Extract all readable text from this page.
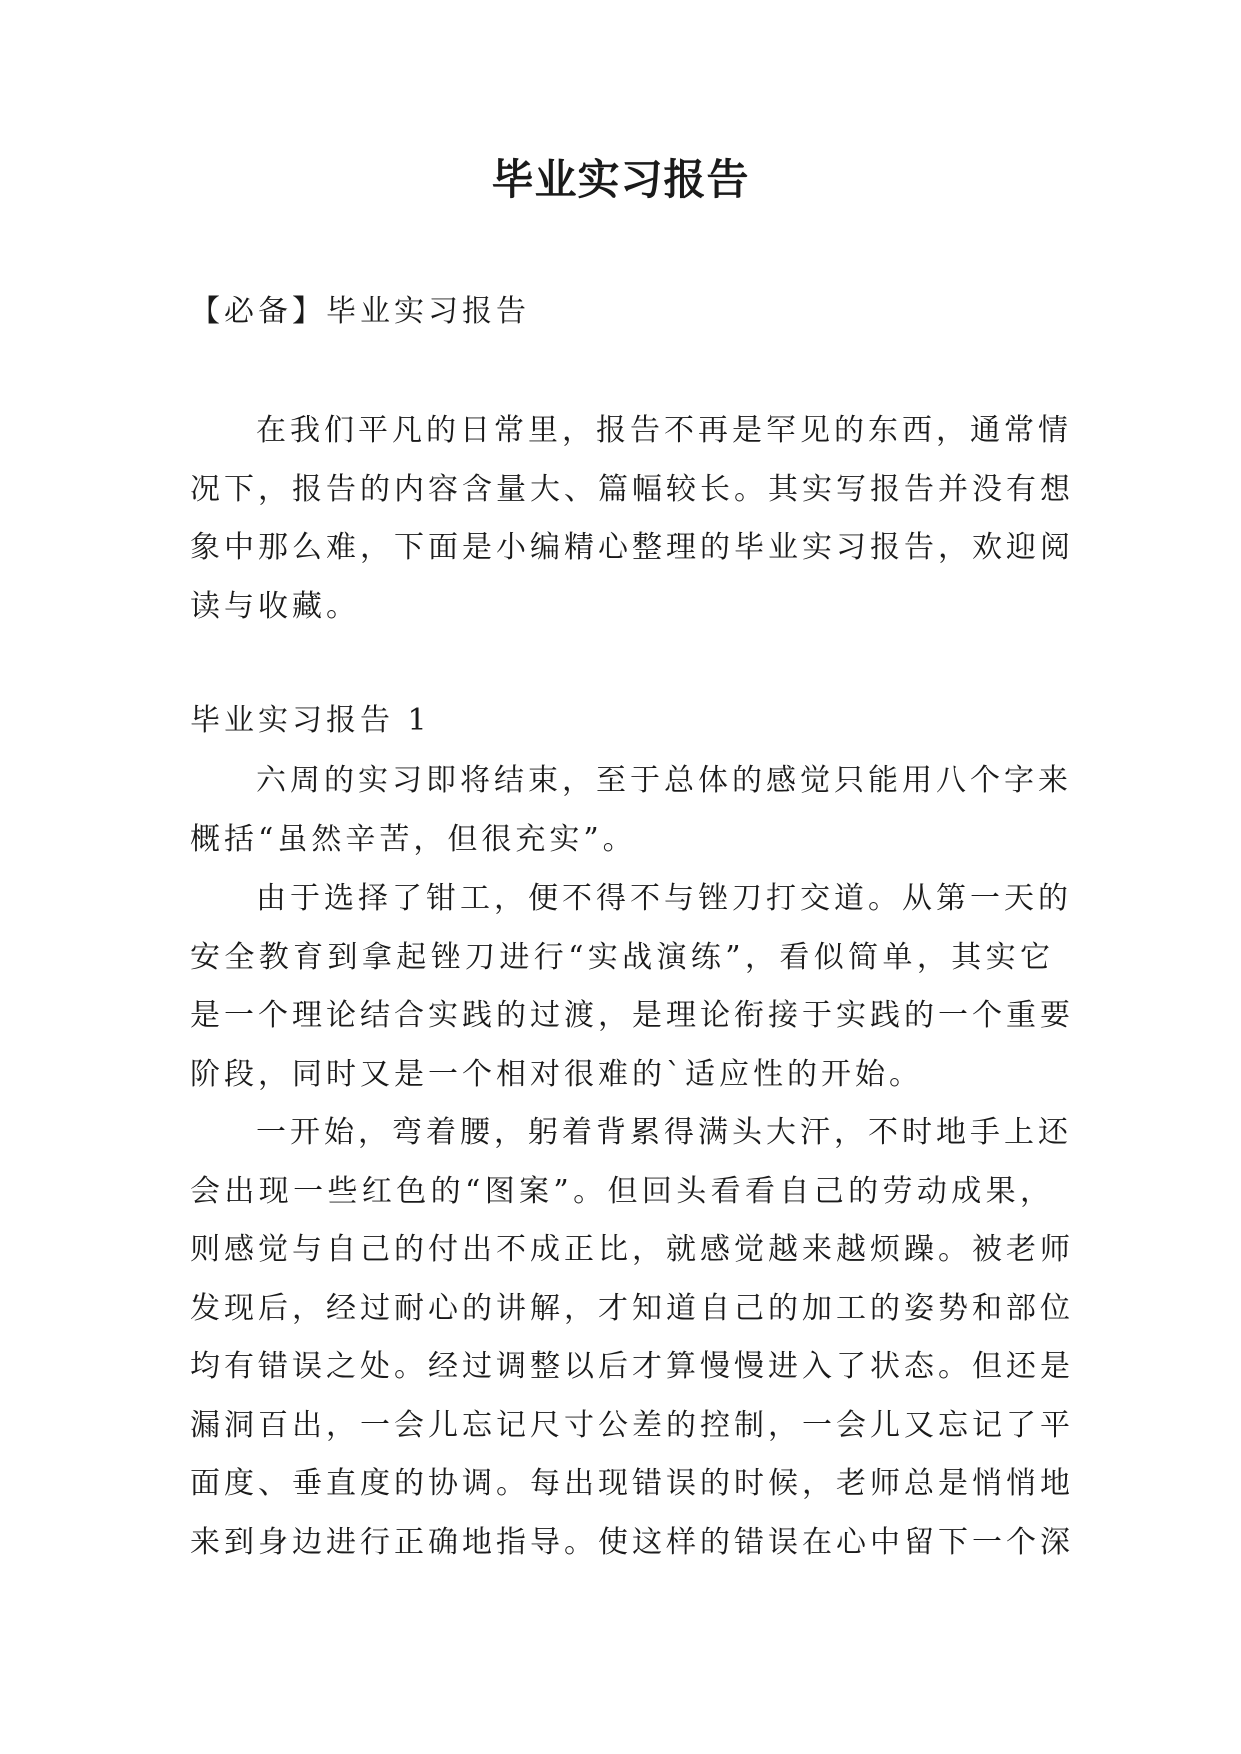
毕业实习报告

【必备】毕业实习报告

在我们平凡的日常里，报告不再是罕见的东西，通常情
况下，报告的内容含量大、篇幅较长。其实写报告并没有想
象中那么难，下面是小编精心整理的毕业实习报告，欢迎阅
读与收藏。

毕业实习报告 1

六周的实习即将结束，至于总体的感觉只能用八个字来
概括“虽然辛苦，但很充实”。

由于选择了钳工，便不得不与锉刀打交道。从第一天的
安全教育到拿起锉刀进行“实战演练”，看似简单，其实它
是一个理论结合实践的过渡，是理论衔接于实践的一个重要
阶段，同时又是一个相对很难的`适应性的开始。

一开始，弯着腰，躬着背累得满头大汗，不时地手上还
会出现一些红色的“图案”。但回头看看自己的劳动成果，
则感觉与自己的付出不成正比，就感觉越来越烦躁。被老师
发现后，经过耐心的讲解，才知道自己的加工的姿势和部位
均有错误之处。经过调整以后才算慢慢进入了状态。但还是
漏洞百出，一会儿忘记尺寸公差的控制，一会儿又忘记了平
面度、垂直度的协调。每出现错误的时候，老师总是悄悄地
来到身边进行正确地指导。使这样的错误在心中留下一个深
